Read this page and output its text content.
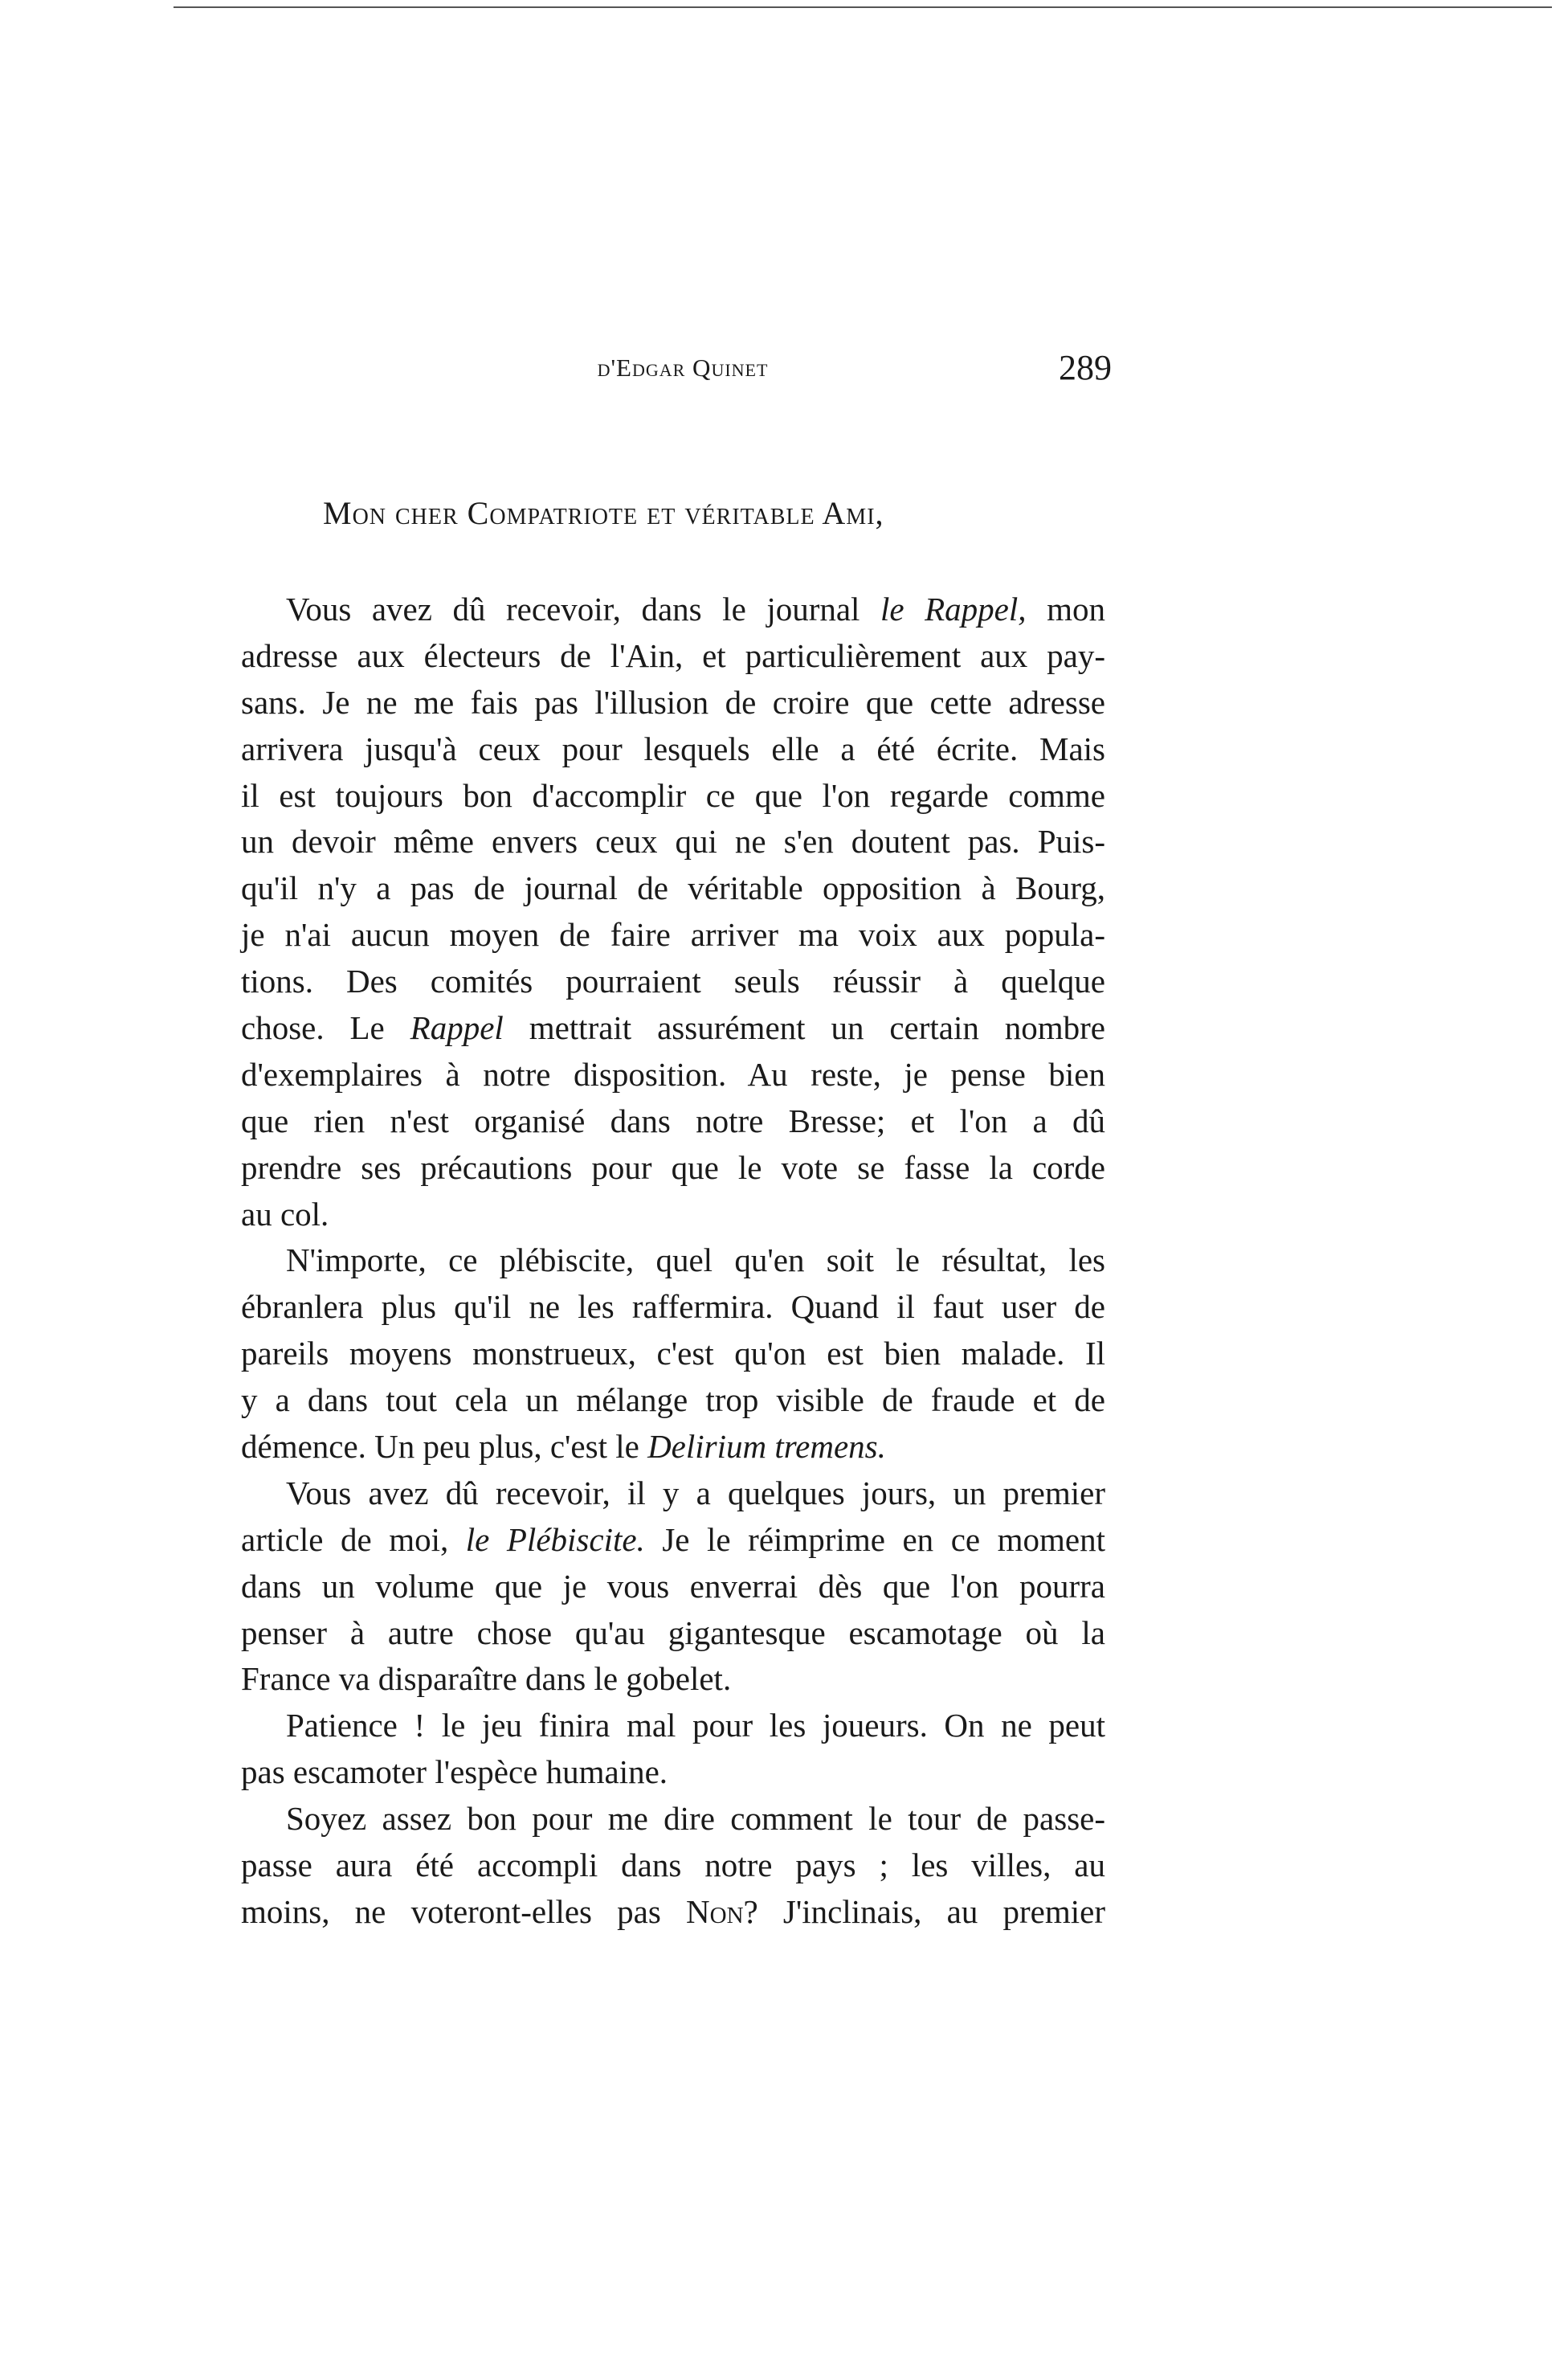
d'Edgar Quinet	289
Mon cher Compatriote et véritable Ami,
Vous avez dû recevoir, dans le journal le Rappel, mon
adresse aux électeurs de l'Ain, et particulièrement aux pay-
sans. Je ne me fais pas l'illusion de croire que cette adresse
arrivera jusqu'à ceux pour lesquels elle a été écrite. Mais
il est toujours bon d'accomplir ce que l'on regarde comme
un devoir même envers ceux qui ne s'en doutent pas. Puis-
qu'il n'y a pas de journal de véritable opposition à Bourg,
je n'ai aucun moyen de faire arriver ma voix aux popula-
tions. Des comités pourraient seuls réussir à quelque
chose. Le Rappel mettrait assurément un certain nombre
d'exemplaires à notre disposition. Au reste, je pense bien
que rien n'est organisé dans notre Bresse; et l'on a dû
prendre ses précautions pour que le vote se fasse la corde
au col.
N'importe, ce plébiscite, quel qu'en soit le résultat, les
ébranlera plus qu'il ne les raffermira. Quand il faut user de
pareils moyens monstrueux, c'est qu'on est bien malade. Il
y a dans tout cela un mélange trop visible de fraude et de
démence. Un peu plus, c'est le Delirium tremens.
Vous avez dû recevoir, il y a quelques jours, un premier
article de moi, le Plébiscite. Je le réimprime en ce moment
dans un volume que je vous enverrai dès que l'on pourra
penser à autre chose qu'au gigantesque escamotage où la
France va disparaître dans le gobelet.
Patience ! le jeu finira mal pour les joueurs. On ne peut
pas escamoter l'espèce humaine.
Soyez assez bon pour me dire comment le tour de passe-
passe aura été accompli dans notre pays ; les villes, au
moins, ne voteront-elles pas Non? J'inclinais, au premier
